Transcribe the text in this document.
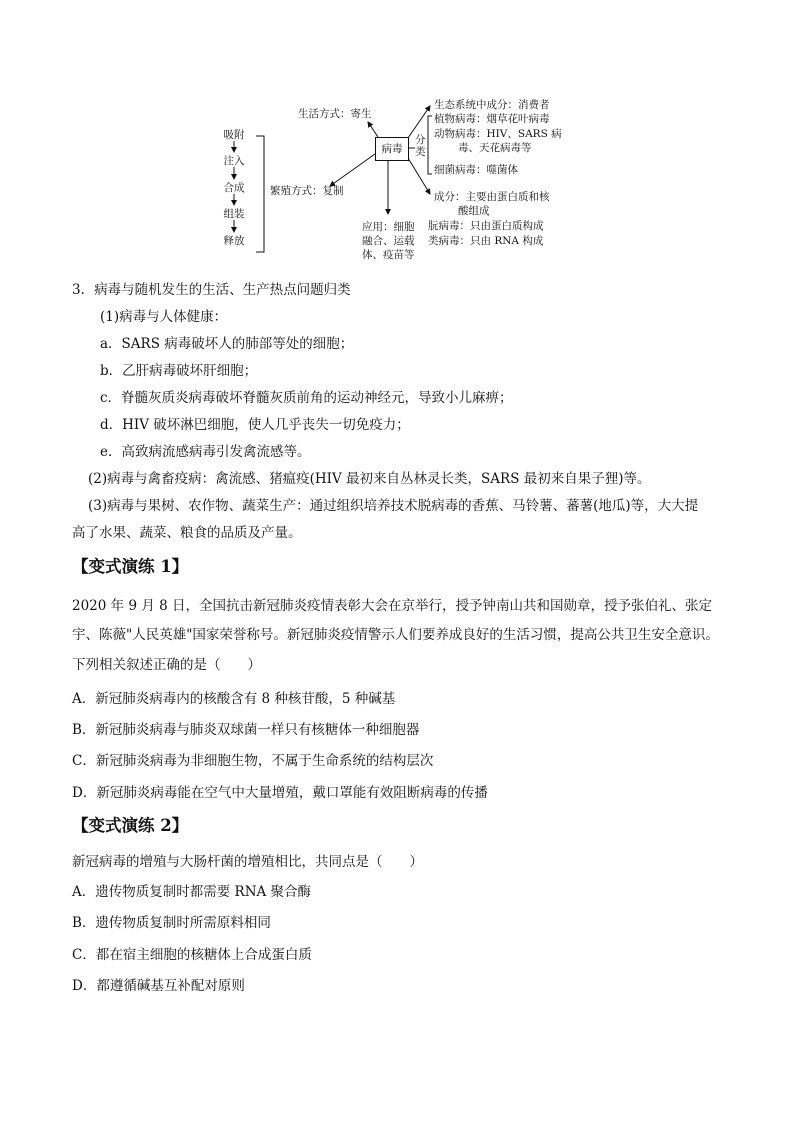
吸附
注入
合成
组装
释放
繁殖方式：复制
生活方式：寄生
病毒
分类
生态系统中成分：消费者
植物病毒：烟草花叶病毒
动物病毒：HIV、SARS 病
毒、天花病毒等
细菌病毒：噬菌体
成分：主要由蛋白质和核
酸组成
朊病毒：只由蛋白质构成
类病毒：只由 RNA 构成
应用：细胞
融合、运载
体、疫苗等
3．病毒与随机发生的生活、生产热点问题归类
(1)病毒与人体健康：
a．SARS 病毒破坏人的肺部等处的细胞；
b．乙肝病毒破坏肝细胞；
c．脊髓灰质炎病毒破坏脊髓灰质前角的运动神经元，导致小儿麻痹；
d．HIV 破坏淋巴细胞，使人几乎丧失一切免疫力；
e．高致病流感病毒引发禽流感等。
(2)病毒与禽畜疫病：禽流感、猪瘟疫(HIV 最初来自丛林灵长类，SARS 最初来自果子狸)等。
(3)病毒与果树、农作物、蔬菜生产：通过组织培养技术脱病毒的香蕉、马铃薯、蕃薯(地瓜)等，大大提
高了水果、蔬菜、粮食的品质及产量。
【变式演练 1】
2020 年 9 月 8 日，全国抗击新冠肺炎疫情表彰大会在京举行，授予钟南山共和国勋章，授予张伯礼、张定
宇、陈薇"人民英雄"国家荣誉称号。新冠肺炎疫情警示人们要养成良好的生活习惯，提高公共卫生安全意识。
下列相关叙述正确的是（　　）
A．新冠肺炎病毒内的核酸含有 8 种核苷酸，5 种碱基
B．新冠肺炎病毒与肺炎双球菌一样只有核糖体一种细胞器
C．新冠肺炎病毒为非细胞生物，不属于生命系统的结构层次
D．新冠肺炎病毒能在空气中大量增殖，戴口罩能有效阻断病毒的传播
【变式演练 2】
新冠病毒的增殖与大肠杆菌的增殖相比，共同点是（　　）
A．遗传物质复制时都需要 RNA 聚合酶
B．遗传物质复制时所需原料相同
C．都在宿主细胞的核糖体上合成蛋白质
D．都遵循碱基互补配对原则
